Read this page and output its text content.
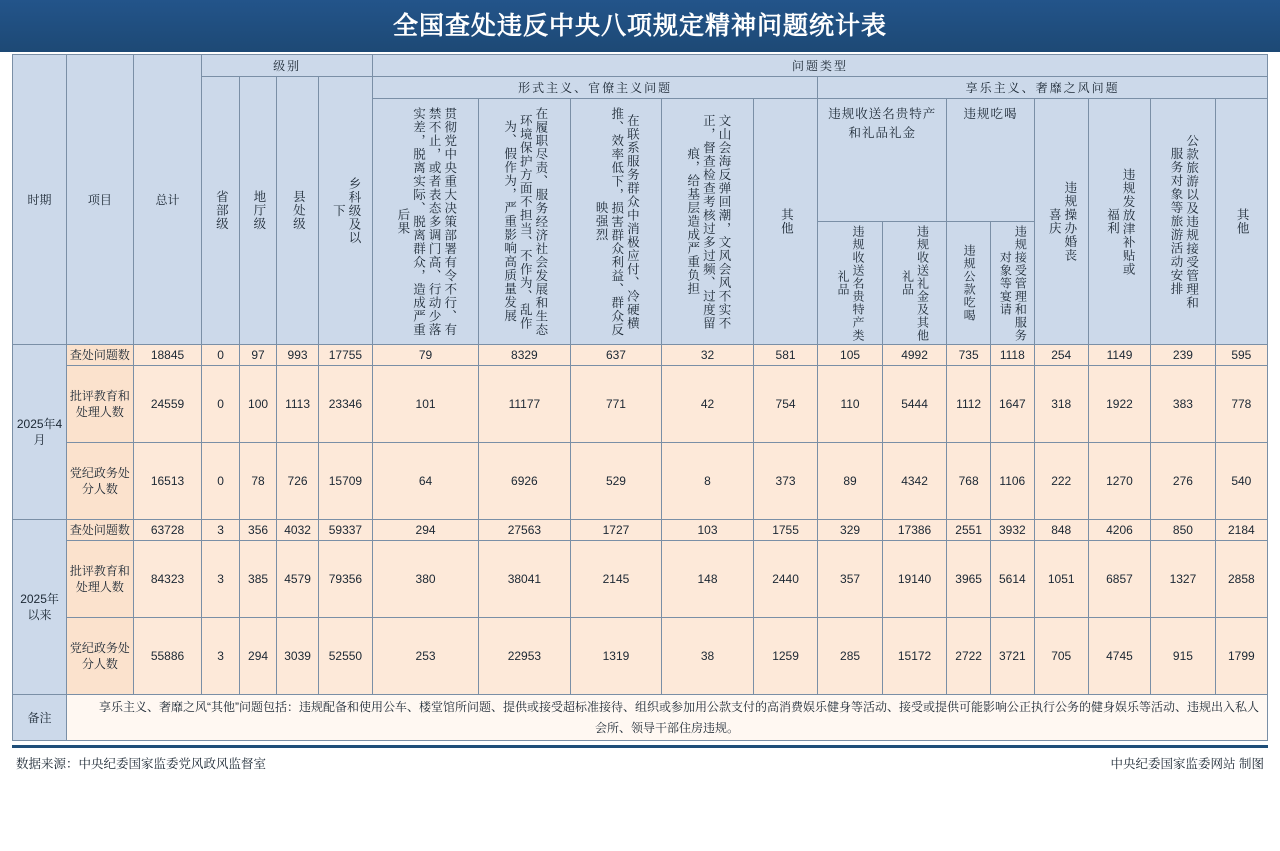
全国查处违反中央八项规定精神问题统计表
时期	项目	总计	级别				问题类型												

			省部级	地厅级	县处级	乡科级及以下	形式主义、官僚主义问题					享乐主义、奢靡之风问题							

							贯彻党中央重大决策部署有令不行、有禁不止，或者表态多调门高、行动少落实差，脱离实际、脱离群众，造成严重后果	在履职尽责、服务经济社会发展和生态环境保护方面不担当、不作为、乱作为、假作为，严重影响高质量发展	在联系服务群众中消极应付、冷硬横推、效率低下，损害群众利益、群众反映强烈	文山会海反弹回潮，文风会风不实不正，督查检查考核过多过频、过度留痕，给基层造成严重负担	其他	违规收送名贵特产和礼品礼金		违规吃喝		违规操办婚丧喜庆	违规发放津补贴或福利	公款旅游以及违规接受管理和服务对象等旅游活动安排	其他

												违规收送名贵特产类礼品	违规收送礼金及其他礼品	违规公款吃喝	违规接受管理和服务对象等宴请				

2025年4月	查处问题数	18845	0	97	993	17755	79	8329	637	32	581	105	4992	735	1118	254	1149	239	595
	批评教育和处理人数	24559	0	100	1113	23346	101	11177	771	42	754	110	5444	1112	1647	318	1922	383	778
	党纪政务处分人数	16513	0	78	726	15709	64	6926	529	8	373	89	4342	768	1106	222	1270	276	540
2025年以来	查处问题数	63728	3	356	4032	59337	294	27563	1727	103	1755	329	17386	2551	3932	848	4206	850	2184
	批评教育和处理人数	84323	3	385	4579	79356	380	38041	2145	148	2440	357	19140	3965	5614	1051	6857	1327	2858
	党纪政务处分人数	55886	3	294	3039	52550	253	22953	1319	38	1259	285	15172	2722	3721	705	4745	915	1799
备注	享乐主义、奢靡之风“其他”问题包括：违规配备和使用公车、楼堂馆所问题、提供或接受超标准接待、组织或参加用公款支付的高消费娱乐健身等活动、接受或提供可能影响公正执行公务的健身娱乐等活动、违规出入私人会所、领导干部住房违规。																		
数据来源：中央纪委国家监委党风政风监督室	中央纪委国家监委网站 制图
